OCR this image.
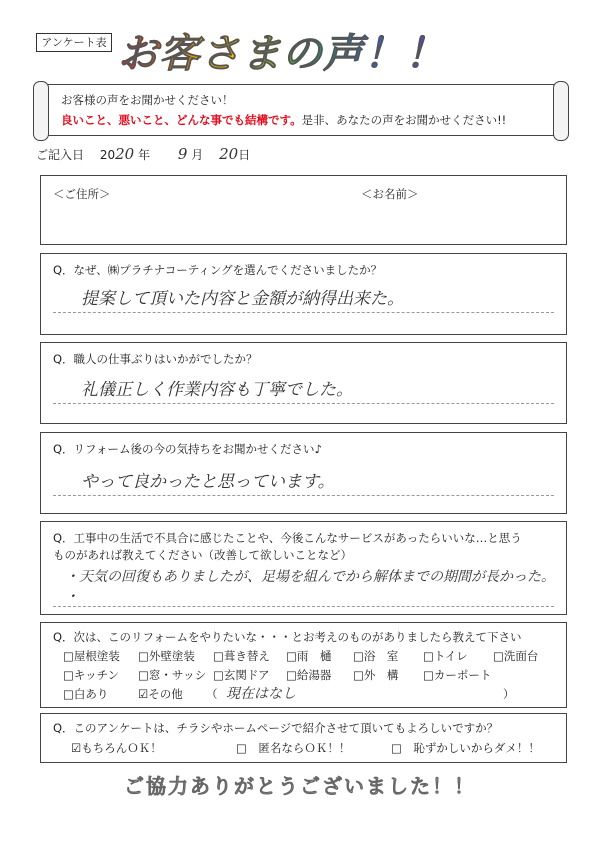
アンケート表 お客さまの声！！
お客様の声をお聞かせください！
良いこと、悪いこと、どんな事でも結構です。是非、あなたの声をお聞かせください!!
ご記入日　 2020 年　　 9 月　 20日
＜ご住所＞	＜お名前＞
Q．なぜ、㈱プラチナコーティングを選んでくださいましたか？
提案して頂いた内容と金額が納得出来た。
Q．職人の仕事ぶりはいかがでしたか？
礼儀正しく作業内容も丁寧でした。
Q．リフォーム後の今の気持ちをお聞かせください♪
やって良かったと思っています。
Q．工事中の生活で不具合に感じたことや、今後こんなサービスがあったらいいな…と思う
ものがあれば教えてください（改善して欲しいことなど）
・天気の回復もありましたが、足場を組んでから解体までの期間が長かった。
・
Q．次は、このリフォームをやりたいな・・・とお考えのものがありましたら教えて下さい
□屋根塗装 □外壁塗装 □葺き替え □雨　樋 □浴　室 □トイレ □洗面台
□キッチン □窓・サッシ □玄関ドア □給湯器 □外　構 □カーポート
□白あり	☑その他 （ 現在はなし	）
Q．このアンケートは、チラシやホームページで紹介させて頂いてもよろしいですか？
☑もちろんＯＫ！	□　匿名ならＯＫ！！	□　恥ずかしいからダメ！！
ご協力ありがとうございました！！
